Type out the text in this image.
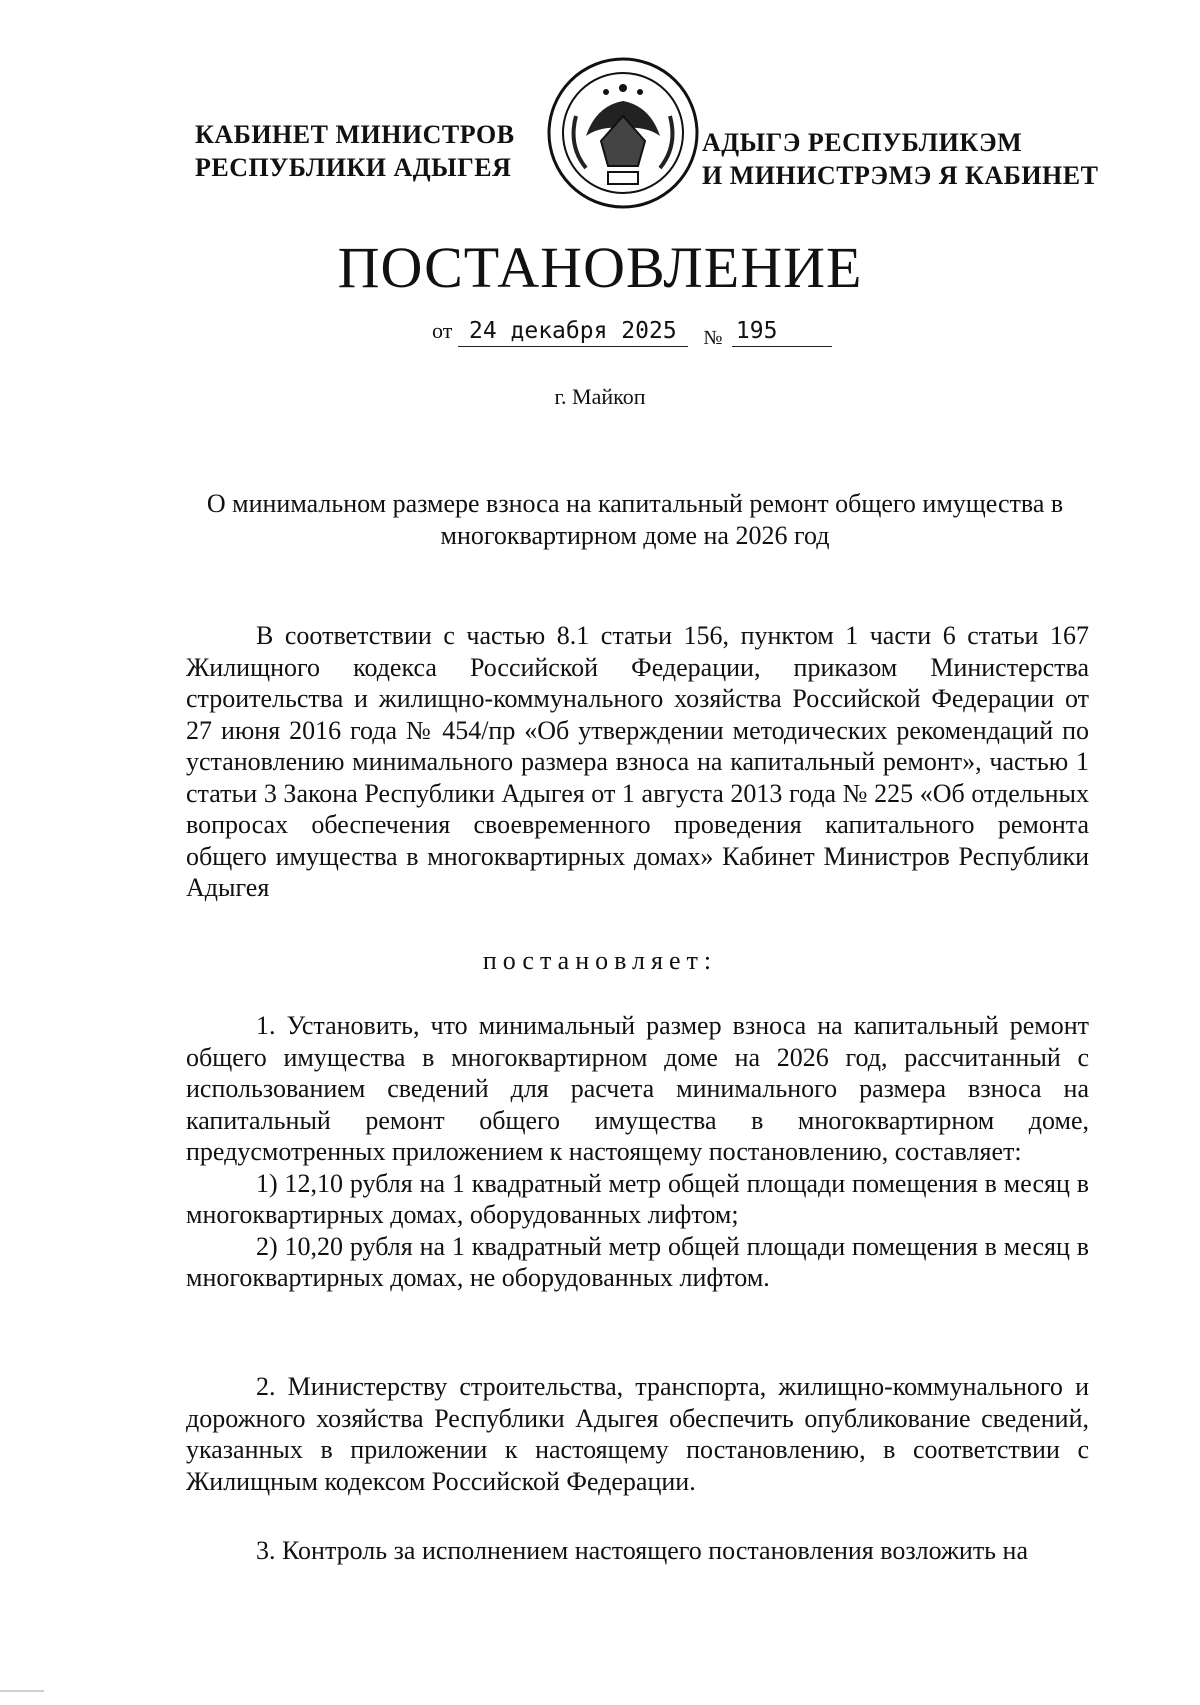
КАБИНЕТ МИНИСТРОВ
РЕСПУБЛИКИ АДЫГЕЯ
АДЫГЭ РЕСПУБЛИКЭМ
И МИНИСТРЭМЭ Я КАБИНЕТ
ПОСТАНОВЛЕНИЕ
от 24 декабря 2025 № 195
г. Майкоп
О минимальном размере взноса на капитальный ремонт общего имущества в многоквартирном доме на 2026 год
В соответствии с частью 8.1 статьи 156, пунктом 1 части 6 статьи 167 Жилищного кодекса Российской Федерации, приказом Министерства строительства и жилищно-коммунального хозяйства Российской Федерации от 27 июня 2016 года № 454/пр «Об утверждении методических рекомендаций по установлению минимального размера взноса на капитальный ремонт», частью 1 статьи 3 Закона Республики Адыгея от 1 августа 2013 года № 225 «Об отдельных вопросах обеспечения своевременного проведения капитального ремонта общего имущества в многоквартирных домах» Кабинет Министров Республики Адыгея
постановляет:
1. Установить, что минимальный размер взноса на капитальный ремонт общего имущества в многоквартирном доме на 2026 год, рассчитанный с использованием сведений для расчета минимального размера взноса на капитальный ремонт общего имущества в многоквартирном доме, предусмотренных приложением к настоящему постановлению, составляет:
1) 12,10 рубля на 1 квадратный метр общей площади помещения в месяц в многоквартирных домах, оборудованных лифтом;
2) 10,20 рубля на 1 квадратный метр общей площади помещения в месяц в многоквартирных домах, не оборудованных лифтом.
2. Министерству строительства, транспорта, жилищно-коммунального и дорожного хозяйства Республики Адыгея обеспечить опубликование сведений, указанных в приложении к настоящему постановлению, в соответствии с Жилищным кодексом Российской Федерации.
3. Контроль за исполнением настоящего постановления возложить на
